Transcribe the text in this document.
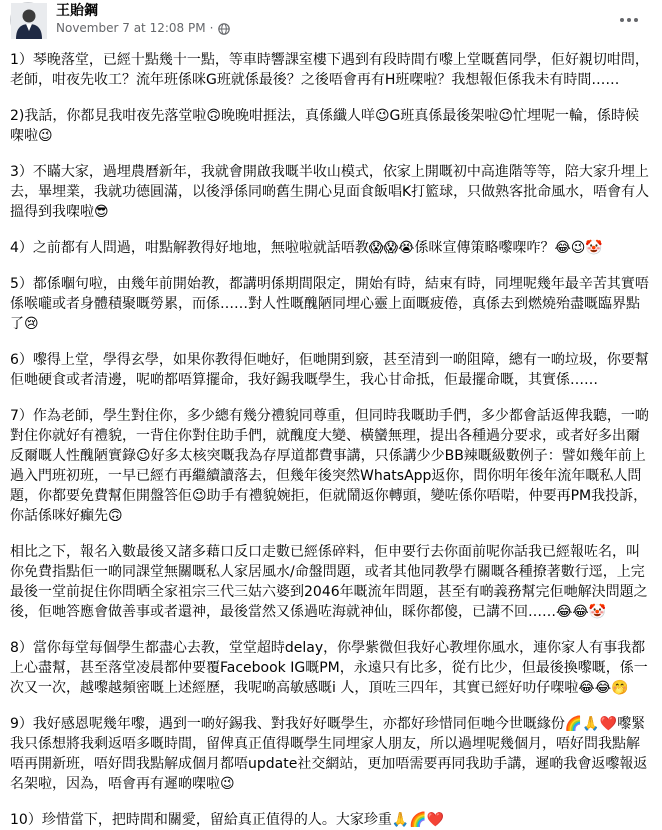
王貽鋼
November 7 at 12:08 PM ·

1）琴晚落堂，已經十點幾十一點，等車時響課室樓下遇到有段時間冇嚟上堂嘅舊同學，佢好親切咁問，老師，咁夜先收工？流年班係咪G班就係最後？之後唔會再有H班㗎啦？我想報佢係我未有時間……

2)我話，你都見我咁夜先落堂啦🙃晚晚咁捱法，真係纖人咩😉G班真係最後架啦😉忙埋呢一輪，係時候㗎啦😉

3）不瞞大家，過埋農曆新年，我就會開啟我嘅半收山模式，依家上開嘅初中高進階等等，陪大家升埋上去，畢埋業，我就功德圓滿，以後淨係同啲舊生開心見面食飯唱K打籃球，只做熟客批命風水，唔會有人搵得到我㗎啦😎

4）之前都有人問過，咁點解教得好地地，無啦啦就話唔教😱😱😭係咪宣傳策略嚟㗎咋？😂😉🤡

5）都係嗰句啦，由幾年前開始教，都講明係期間限定，開始有時，結束有時，同埋呢幾年最辛苦其實唔係喉嚨或者身體積聚嘅勞累，而係……對人性嘅醜陋同埋心靈上面嘅疲倦，真係去到燃燒殆盡嘅臨界點了😢

6）嚟得上堂，學得玄學，如果你教得佢哋好，佢哋開到竅，甚至清到一啲阻障，總有一啲垃圾，你要幫佢哋硬食或者清邊，呢啲都唔算擺命，我好錫我嘅學生，我心甘命抵，佢最擺命嘅，其實係……

7）作為老師，學生對住你，多少總有幾分禮貌同尊重，但同時我嘅助手們，多少都會話返俾我聽，一啲對住你就好有禮貌，一背住你對住助手們，就醜度大變、橫蠻無理，提出各種過分要求，或者好多出爾反爾嘅人性醜陋實錄😉好多太核突嘅我為存厚道都費事講，只係講少少BB辣嘅級數例子：譬如幾年前上過入門班初班，一早已經冇再繼續讀落去，但幾年後突然WhatsApp返你，問你明年後年流年嘅私人問題，你都要免費幫佢開盤答佢😉助手有禮貌婉拒，佢就鬧返你轉頭，變咗係你唔啱，仲要再PM我投訴，你話係咪好癲先🙃

相比之下，報名入數最後又諸多藉口反口走數已經係碎料，佢申要行去你面前呢你話我已經報咗名，叫你免費指點佢一啲同課堂無關嘅私人家居風水/命盤問題，或者其他同教學冇關嘅各種撩著數行逕，上完最後一堂前捉住你問晒全家祖宗三代三姑六婆到2046年嘅流年問題，甚至有啲義務幫完佢哋解決問題之後，佢哋答應會做善事或者還神，最後當然又係過咗海就神仙，睬你都傻，已講不回……😂😂🤡

8）當你每堂每個學生都盡心去教，堂堂超時delay，你學紫微但我好心教埋你風水，連你家人有事我都上心盡幫，甚至落堂凌晨都仲要覆Facebook IG嘅PM，永遠只有比多，從冇比少，但最後換嚟嘅，係一次又一次，越嚟越頻密嘅上述經歷，我呢啲高敏感嘅i 人，頂咗三四年，其實已經好叻仔㗎啦😂😂🤭

9）我好感恩呢幾年嚟，遇到一啲好錫我、對我好好嘅學生，亦都好珍惜同佢哋今世嘅緣份🌈🙏❤️嚟緊我只係想將我剩返唔多嘅時間，留俾真正值得嘅學生同埋家人朋友，所以過埋呢幾個月，唔好問我點解唔再開新班，唔好問我點解成個月都唔update社交網站，更加唔需要再同我助手講，遲啲我會返嚟報返名架啦，因為，唔會再有遲啲㗎啦😉

10）珍惜當下，把時間和關愛，留給真正值得的人。大家珍重🙏🌈❤️
